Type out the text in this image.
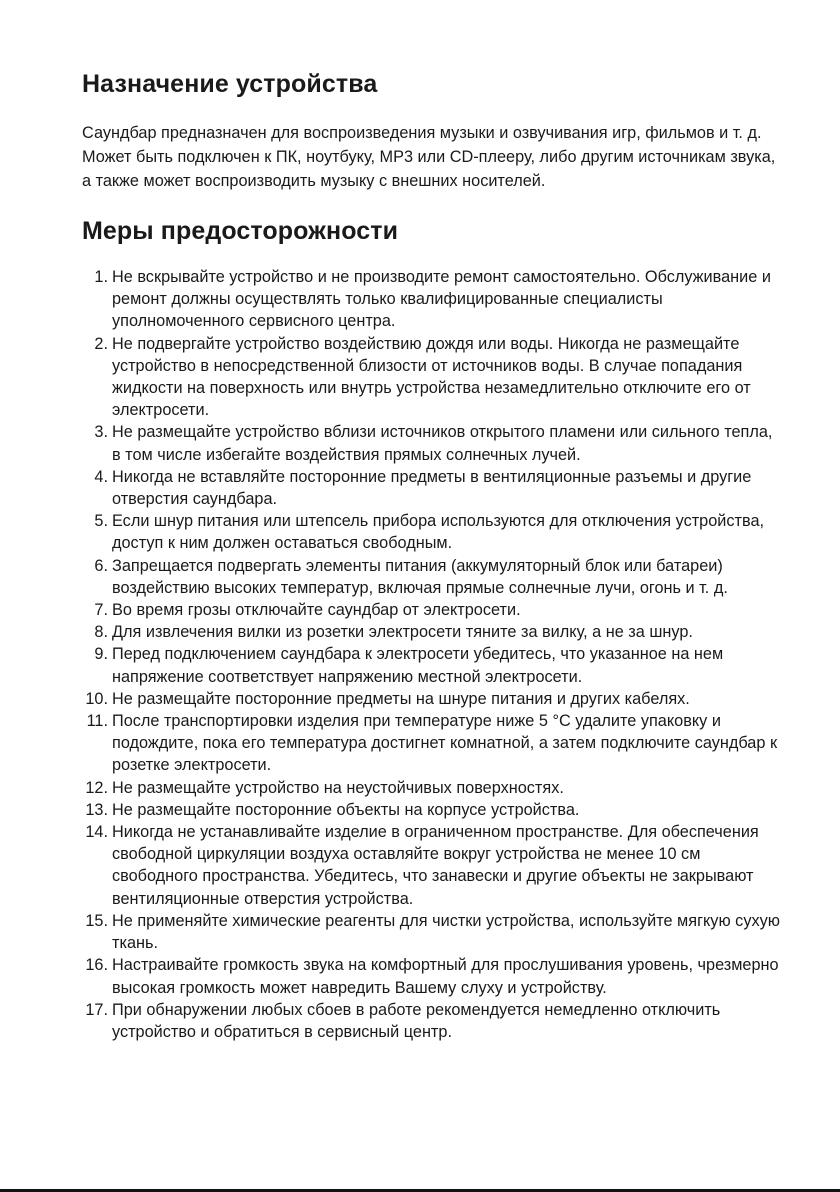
Назначение устройства

Саундбар предназначен для воспроизведения музыки и озвучивания игр, фильмов и т. д. Может быть подключен к ПК, ноутбуку, МР3 или CD-плееру, либо другим источникам звука, а также может воспроизводить музыку с внешних носителей.

Меры предосторожности
1. Не вскрывайте устройство и не производите ремонт самостоятельно. Обслуживание и ремонт должны осуществлять только квалифицированные специалисты уполномоченного сервисного центра.
2. Не подвергайте устройство воздействию дождя или воды. Никогда не размещайте устройство в непосредственной близости от источников воды. В случае попадания жидкости на поверхность или внутрь устройства незамедлительно отключите его от электросети.
3. Не размещайте устройство вблизи источников открытого пламени или сильного тепла, в том числе избегайте воздействия прямых солнечных лучей.
4. Никогда не вставляйте посторонние предметы в вентиляционные разъемы и другие отверстия саундбара.
5. Если шнур питания или штепсель прибора используются для отключения устройства, доступ к ним должен оставаться свободным.
6. Запрещается подвергать элементы питания (аккумуляторный блок или батареи) воздействию высоких температур, включая прямые солнечные лучи, огонь и т. д.
7. Во время грозы отключайте саундбар от электросети.
8. Для извлечения вилки из розетки электросети тяните за вилку, а не за шнур.
9. Перед подключением саундбара к электросети убедитесь, что указанное на нем напряжение соответствует напряжению местной электросети.
10. Не размещайте посторонние предметы на шнуре питания и других кабелях.
11. После транспортировки изделия при температуре ниже 5 °С удалите упаковку и подождите, пока его температура достигнет комнатной, а затем подключите саундбар к розетке электросети.
12. Не размещайте устройство на неустойчивых поверхностях.
13. Не размещайте посторонние объекты на корпусе устройства.
14. Никогда не устанавливайте изделие в ограниченном пространстве. Для обеспечения свободной циркуляции воздуха оставляйте вокруг устройства не менее 10 см свободного пространства. Убедитесь, что занавески и другие объекты не закрывают вентиляционные отверстия устройства.
15. Не применяйте химические реагенты для чистки устройства, используйте мягкую сухую ткань.
16. Настраивайте громкость звука на комфортный для прослушивания уровень, чрезмерно высокая громкость может навредить Вашему слуху и устройству.
17. При обнаружении любых сбоев в работе рекомендуется немедленно отключить устройство и обратиться в сервисный центр.
